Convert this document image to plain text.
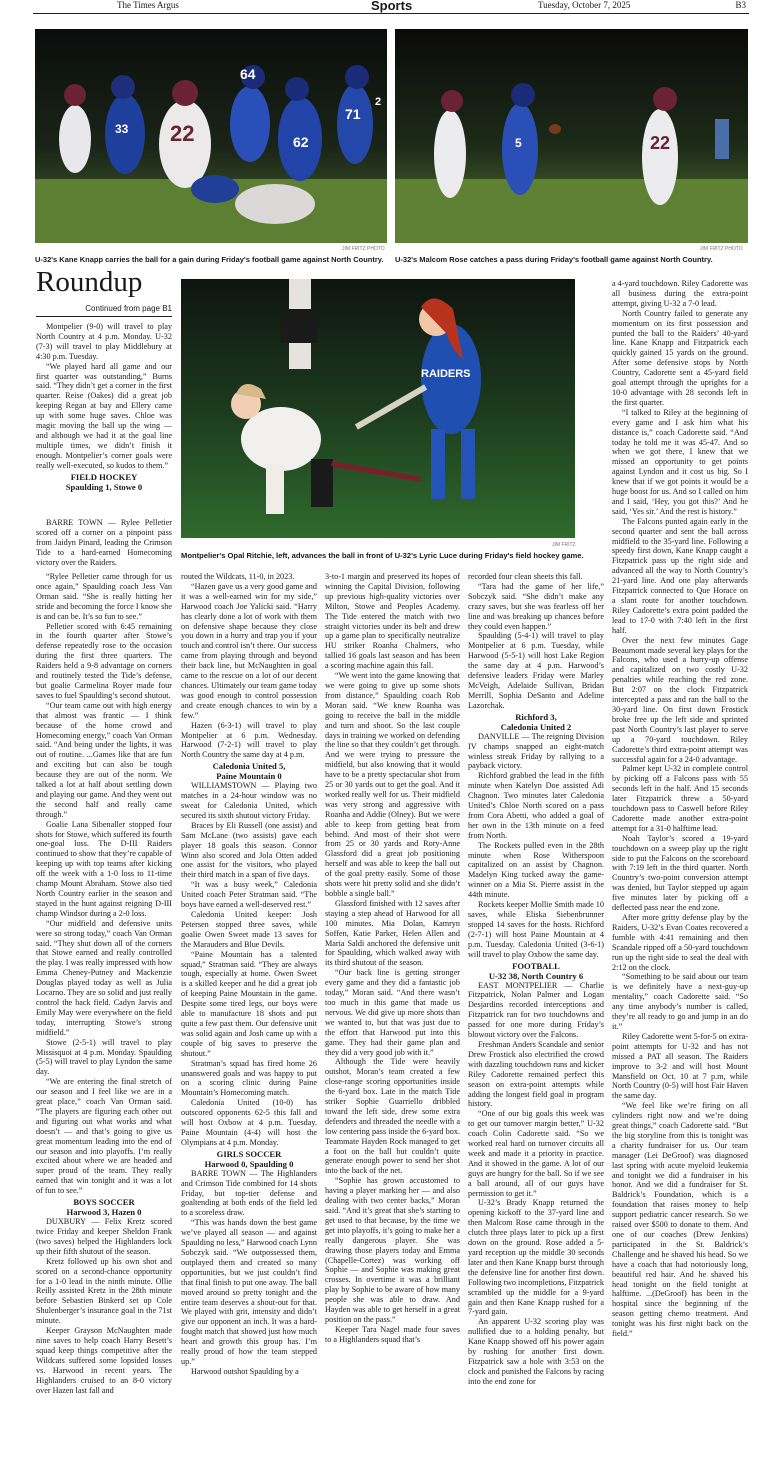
The Times Argus	Sports	Tuesday, October 7, 2025	B3
64
22	62
71
33
2
JIM FRITZ PHOTO
U-32's Kane Knapp carries the ball for a gain during Friday's football game against North Country.
22
5
JIM FRITZ PHOTO
U-32's Malcom Rose catches a pass during Friday's football game against North Country.
Roundup
Continued from page B1
RAIDERS
JIM FRITZ
Montpelier's Opal Ritchie, left, advances the ball in front of U-32's Lyric Luce during Friday's field hockey game.

Montpelier (9-0) will travel to play North Country at 4 p.m. Monday. U-32 (7-3) will travel to play Middlebury at 4:30 p.m. Tuesday.

“We played hard all game and our first quarter was outstanding,” Burns said. “They didn’t get a corner in the first quarter. Reise (Oakes) did a great job keeping Regan at bay and Ellery came up with some huge saves. Chloe was magic moving the ball up the wing — and although we had it at the goal line multiple times, we didn’t finish it enough. Montpelier’s corner goals were really well-executed, so kudos to them.”

FIELD HOCKEY
Spaulding 1, Stowe 0

BARRE TOWN — Rylee Pelletier scored off a corner on a pinpoint pass from Jaidyn Pinard, leading the Crimson Tide to a hard-earned Homecoming victory over the Raiders.

“Rylee Pelletier came through for us once again,” Spaulding coach Jess Van Orman said. “She is really hitting her stride and becoming the force I know she is and can be. It’s so fun to see.”

Pelletier scored with 6:45 remaining in the fourth quarter after Stowe’s defense repeatedly rose to the occasion during the first three quarters. The Raiders held a 9-8 advantage on corners and routinely tested the Tide’s defense, but goalie Carmelina Royer made four saves to fuel Spaulding’s second shutout.

“Our team came out with high energy that almost was frantic — I think because of the home crowd and Homecoming energy,” coach Van Orman said. “And being under the lights, it was out of routine. ...Games like that are fun and exciting but can also be tough because they are out of the norm. We talked a lot at half about settling down and playing our game. And they went out the second half and really came through.”

Goalie Lana Sibenaller stopped four shots for Stowe, which suffered its fourth one-goal loss. The D-III Raiders continued to show that they’re capable of keeping up with top teams after kicking off the week with a 1-0 loss to 11-time champ Mount Abraham. Stowe also tied North Country earlier in the season and stayed in the hunt against reigning D-III champ Windsor during a 2-0 loss.

“Our midfield and defensive units were so strong today,” coach Van Orman said. “They shut down all of the corners that Stowe earned and really controlled the play. I was really impressed with how Emma Cheney-Putney and Mackenzie Douglas played today as well as Julia Locarno. They are so solid and just really control the back field. Cadyn Jarvis and Emily May were everywhere on the field today, interrupting Stowe’s strong midfield.”

Stowe (2-5-1) will travel to play Missisquoi at 4 p.m. Monday. Spaulding (5-5) will travel to play Lyndon the same day.

“We are entering the final stretch of our season and I feel like we are in a great place,” coach Van Orman said. “The players are figuring each other out and figuring out what works and what doesn’t — and that’s going to give us great momentum leading into the end of our season and into playoffs. I’m really excited about where we are headed and super proud of the team. They really earned that win tonight and it was a lot of fun to see.”

BOYS SOCCER
Harwood 3, Hazen 0

DUXBURY — Felix Kretz scored twice Friday and keeper Sheldon Frank (two saves) helped the Highlanders lock up their fifth shutout of the season.

Kretz followed up his own shot and scored on a second-chance opportunity for a 1-0 lead in the ninth minute. Ollie Reilly assisted Kretz in the 28th minute before Sebastien Binkerd set up Cole Shulenberger’s insurance goal in the 71st minute.

Keeper Grayson McNaughten made nine saves to help coach Harry Besett’s squad keep things competitive after the Wildcats suffered some lopsided losses vs. Harwood in recent years. The Highlanders cruised to an 8-0 victory over Hazen last fall and

routed the Wildcats, 11-0, in 2023.

“Hazen gave us a very good game and it was a well-earned win for my side,” Harwood coach Joe Yalicki said. “Harry has clearly done a lot of work with them on defensive shape because they close you down in a hurry and trap you if your touch and control isn’t there. Our success came from playing through and beyond their back line, but McNaughten in goal came to the rescue on a lot of our decent chances. Ultimately our team game today was good enough to control possession and create enough chances to win by a few.”

Hazen (6-3-1) will travel to play Montpelier at 6 p.m. Wednesday. Harwood (7-2-1) will travel to play North Country the same day at 4 p.m.

Caledonia United 5,
Paine Mountain 0

WILLIAMSTOWN — Playing two matches in a 24-hour window was no sweat for Caledonia United, which secured its sixth shutout victory Friday.

Braces by Eli Russell (one assist) and Sam McLane (two assists) gave each player 18 goals this season. Connor Winn also scored and Jola Otten added one assist for the visitors, who played their third match in a span of five days.

“It was a busy week,” Caledonia United coach Peter Stratman said. “The boys have earned a well-deserved rest.”

Caledonia United keeper: Josh Petersen stopped three saves, while goalie Owen Sweet made 13 saves for the Marauders and Blue Devils.

“Paine Mountain has a talented squad,” Stratman said. “They are always tough, especially at home. Owen Sweet is a skilled keeper and he did a great job of keeping Paine Mountain in the game. Despite some tired legs, our boys were able to manufacture 18 shots and put quite a few past them. Our defensive unit was solid again and Josh came up with a couple of big saves to preserve the shutout.”

Stratman’s squad has fired home 26 unanswered goals and was happy to put on a scoring clinic during Paine Mountain’s Homecoming match.

Caledonia United (10-0) has outscored opponents 62-5 this fall and will host Oxbow at 4 p.m. Tuesday. Paine Mountain (4-4) will host the Olympians at 4 p.m. Monday.

GIRLS SOCCER
Harwood 0, Spaulding 0

BARRE TOWN — The Highlanders and Crimson Tide combined for 14 shots Friday, but top-tier defense and goaltending at both ends of the field led to a scoreless draw.

“This was hands down the best game we’ve played all season — and against Spaulding no less,” Harwood coach Lynn Sobczyk said. “We outpossessed them, outplayed them and created so many opportunities, but we just couldn’t find that final finish to put one away. The ball moved around so pretty tonight and the entire team deserves a shout-out for that. We played with grit, intensity and didn’t give our opponent an inch. It was a hard-fought match that showed just how much heart and growth this group has. I’m really proud of how the team stepped up.”

Harwood outshot Spaulding by a

3-to-1 margin and preserved its hopes of winning the Capital Division, following up previous high-quality victories over Milton, Stowe and Peoples Academy. The Tide entered the match with two straight victories under its belt and drew up a game plan to specifically neutralize HU striker Roanha Chalmers, who tallied 16 goals last season and has been a scoring machine again this fall.

“We went into the game knowing that we were going to give up some shots from distance,” Spaulding coach Rob Moran said. “We knew Roanha was going to receive the ball in the middle and turn and shoot. So the last couple days in training we worked on defending the line so that they couldn’t get through. And we were trying to pressure the midfield, but also knowing that it would have to be a pretty spectacular shot from 25 or 30 yards out to get the goal. And it worked really well for us. Their midfield was very strong and aggressive with Roanha and Addie (Olney). But we were able to keep from getting beat from behind. And most of their shot were from 25 or 30 yards and Rory-Anne Glassford did a great job positioning herself and was able to keep the ball out of the goal pretty easily. Some of those shots were hit pretty solid and she didn’t bobble a single ball.”

Glassford finished with 12 saves after staying a step ahead of Harwood for all 100 minutes. Mia Dolan, Kamryn Soffen, Katie Parker, Helen Allen and Maria Saldi anchored the defensive unit for Spaulding, which walked away with its third shutout of the season.

“Our back line is getting stronger every game and they did a fantastic job today,” Moran said. “And there wasn’t too much in this game that made us nervous. We did give up more shots than we wanted to, but that was just due to the effort that Harwood put into this game. They had their game plan and they did a very good job with it.”

Although the Tide were heavily outshot, Moran’s team created a few close-range scoring opportunities inside the 6-yard box. Late in the match Tide striker Sophie Guarriello dribbled toward the left side, drew some extra defenders and threaded the needle with a low centering pass inside the 6-yard box. Teammate Hayden Rock managed to get a foot on the ball but couldn’t quite generate enough power to send her shot into the back of the net.

“Sophie has grown accustomed to having a player marking her — and also dealing with two center backs,” Moran said. “And it’s great that she’s starting to get used to that because, by the time we get into playoffs, it’s going to make her a really dangerous player. She was drawing those players today and Emma (Chapelle-Cortez) was working off Sophie — and Sophie was making great crosses. In overtime it was a brilliant play by Sophie to be aware of how many people she was able to draw. And Hayden was able to get herself in a great position on the pass.”

Keeper Tara Nagel made four saves to a Highlanders squad that’s

recorded four clean sheets this fall.

“Tara had the game of her life,” Sobczyk said. “She didn’t make any crazy saves, but she was fearless off her line and was breaking up chances before they could even happen.”

Spaulding (5-4-1) will travel to play Montpelier at 6 p.m. Tuesday, while Harwood (5-5-1) will host Lake Region the same day at 4 p.m. Harwood’s defensive leaders Friday were Marley McVeigh, Adelaide Sullivan, Bridan Merrill, Sophia DeSanto and Adeline Lazorchak.

Richford 3,
Caledonia United 2

DANVILLE — The reigning Division IV champs snapped an eight-match winless streak Friday by rallying to a payback victory.

Richford grabbed the lead in the fifth minute when Katelyn Doe assisted Adi Chagnon. Two minutes later Caledonia United’s Chloe North scored on a pass from Cora Abetti, who added a goal of her own in the 13th minute on a feed from North.

The Rockets pulled even in the 28th minute when Rose Witherspoon capitalized on an assist by Chagnon. Madelyn King tucked away the game-winner on a Mia St. Pierre assist in the 44th minute.

Rockets keeper Mollie Smith made 10 saves, while Eliska Siebenbrunner stopped 14 saves for the hosts. Richford (2-7-1) will host Paine Mountain at 4 p.m. Tuesday. Caledonia United (3-6-1) will travel to play Oxbow the same day.

FOOTBALL
U-32 38, North Country 6

EAST MONTPELIER — Charlie Fitzpatrick, Nolan Palmer and Logan Desjardins recorded interceptions and Fitzpatrick ran for two touchdowns and passed for one more during Friday’s blowout victory over the Falcons.

Freshman Anders Scandale and senior Drew Frostick also electrified the crowd with dazzling touchdown runs and kicker Riley Cadorette remained perfect this season on extra-point attempts while adding the longest field goal in program history.

“One of our big goals this week was to get our turnover margin better,” U-32 coach Colin Cadorette said. “So we worked real hard on turnover circuits all week and made it a priority in practice. And it showed in the game. A lot of our guys are hungry for the ball. So if we see a ball around, all of our guys have permission to get it.”

U-32’s Brady Knapp returned the opening kickoff to the 37-yard line and then Malcom Rose came through in the clutch three plays later to pick up a first down on the ground. Rose added a 5-yard reception up the middle 30 seconds later and then Kane Knapp burst through the defensive line for another first down. Following two incompletions, Fitzpatrick scrambled up the middle for a 9-yard gain and then Kane Knapp rushed for a 7-yard gain.

An apparent U-32 scoring play was nullified due to a holding penalty, but Kane Knapp showed off his power again by rushing for another first down. Fitzpatrick saw a hole with 3:53 on the clock and punished the Falcons by racing into the end zone for

a 4-yard touchdown. Riley Cadorette was all business during the extra-point attempt, giving U-32 a 7-0 lead.

North Country failed to generate any momentum on its first possession and punted the ball to the Raiders’ 40-yard line. Kane Knapp and Fitzpatrick each quickly gained 15 yards on the ground. After some defensive stops by North Country, Cadorette sent a 45-yard field goal attempt through the uprights for a 10-0 advantage with 28 seconds left in the first quarter.

“I talked to Riley at the beginning of every game and I ask him what his distance is,” coach Cadorette said. “And today he told me it was 45-47. And so when we got there, I knew that we missed an opportunity to get points against Lyndon and it cost us big. So I knew that if we got points it would be a huge boost for us. And so I called on him and I said, ‘Hey, you got this?’ And he said, ‘Yes sir.’ And the rest is history.”

The Falcons punted again early in the second quarter and sent the ball across midfield to the 35-yard line. Following a speedy first down, Kane Knapp caught a Fitzpatrick pass up the right side and advanced all the way to North Country’s 21-yard line. And one play afterwards Fitzpatrick connected to Que Horace on a slant route for another touchdown. Riley Cadorette’s extra point padded the lead to 17-0 with 7:40 left in the first half.

Over the next few minutes Gage Beaumont made several key plays for the Falcons, who used a hurry-up offense and capitalized on two costly U-32 penalties while reaching the red zone. But 2:07 on the clock Fitzpatrick intercepted a pass and ran the ball to the 30-yard line. On first down Frostick broke free up the left side and sprinted past North Country’s last player to serve up a 70-yard touchdown. Riley Cadorette’s third extra-point attempt was successful again for a 24-0 advantage.

Palmer kept U-32 in complete control by picking off a Falcons pass with 55 seconds left in the half. And 15 seconds later Fitzpatrick threw a 50-yard touchdown pass to Caswell before Riley Cadorette made another extra-point attempt for a 31-0 halftime lead.

Noah Taylor’s scored a 19-yard touchdown on a sweep play up the right side to put the Falcons on the scoreboard with 7:19 left in the third quarter. North Country’s two-point conversion attempt was denied, but Taylor stepped up again five minutes later by picking off a deflected pass near the end zone.

After more gritty defense play by the Raiders, U-32’s Evan Coates recovered a fumble with 4:41 remaining and then Scandale ripped off a 50-yard touchdown run up the right side to seal the deal with 2:12 on the clock.

“Something to be said about our team is we definitely have a next-guy-up mentality,” coach Cadorette said. “So any time anybody’s number is called, they’re all ready to go and jump in an do it.”

Riley Cadorette went 5-for-5 on extra-point attempts for U-32 and has not missed a PAT all season. The Raiders improve to 3-2 and will host Mount Mansfield on Oct. 10 at 7 p.m, while North Country (0-5) will host Fair Haven the same day.

“We feel like we’re firing on all cylinders right now and we’re doing great things,” coach Cadorette said. “But the big storyline from this is tonight was a charity fundraiser for us. Our team manager (Lei DeGroof) was diagnosed last spring with acute myeloid leukemia and tonight we did a fundraiser in his honor. And we did a fundraiser for St. Baldrick’s Foundation, which is a foundation that raises money to help support pediatric cancer research. So we raised over $500 to donate to them. And one of our coaches (Drew Jenkins) participated in the St. Baldrick’s Challenge and he shaved his head. So we have a coach that had notoriously long, beautiful red hair. And he shaved his head tonight on the field tonight at halftime. ...(DeGroof) has been in the hospital since the beginning of the season getting chemo treatment. And tonight was his first night back on the field.”
